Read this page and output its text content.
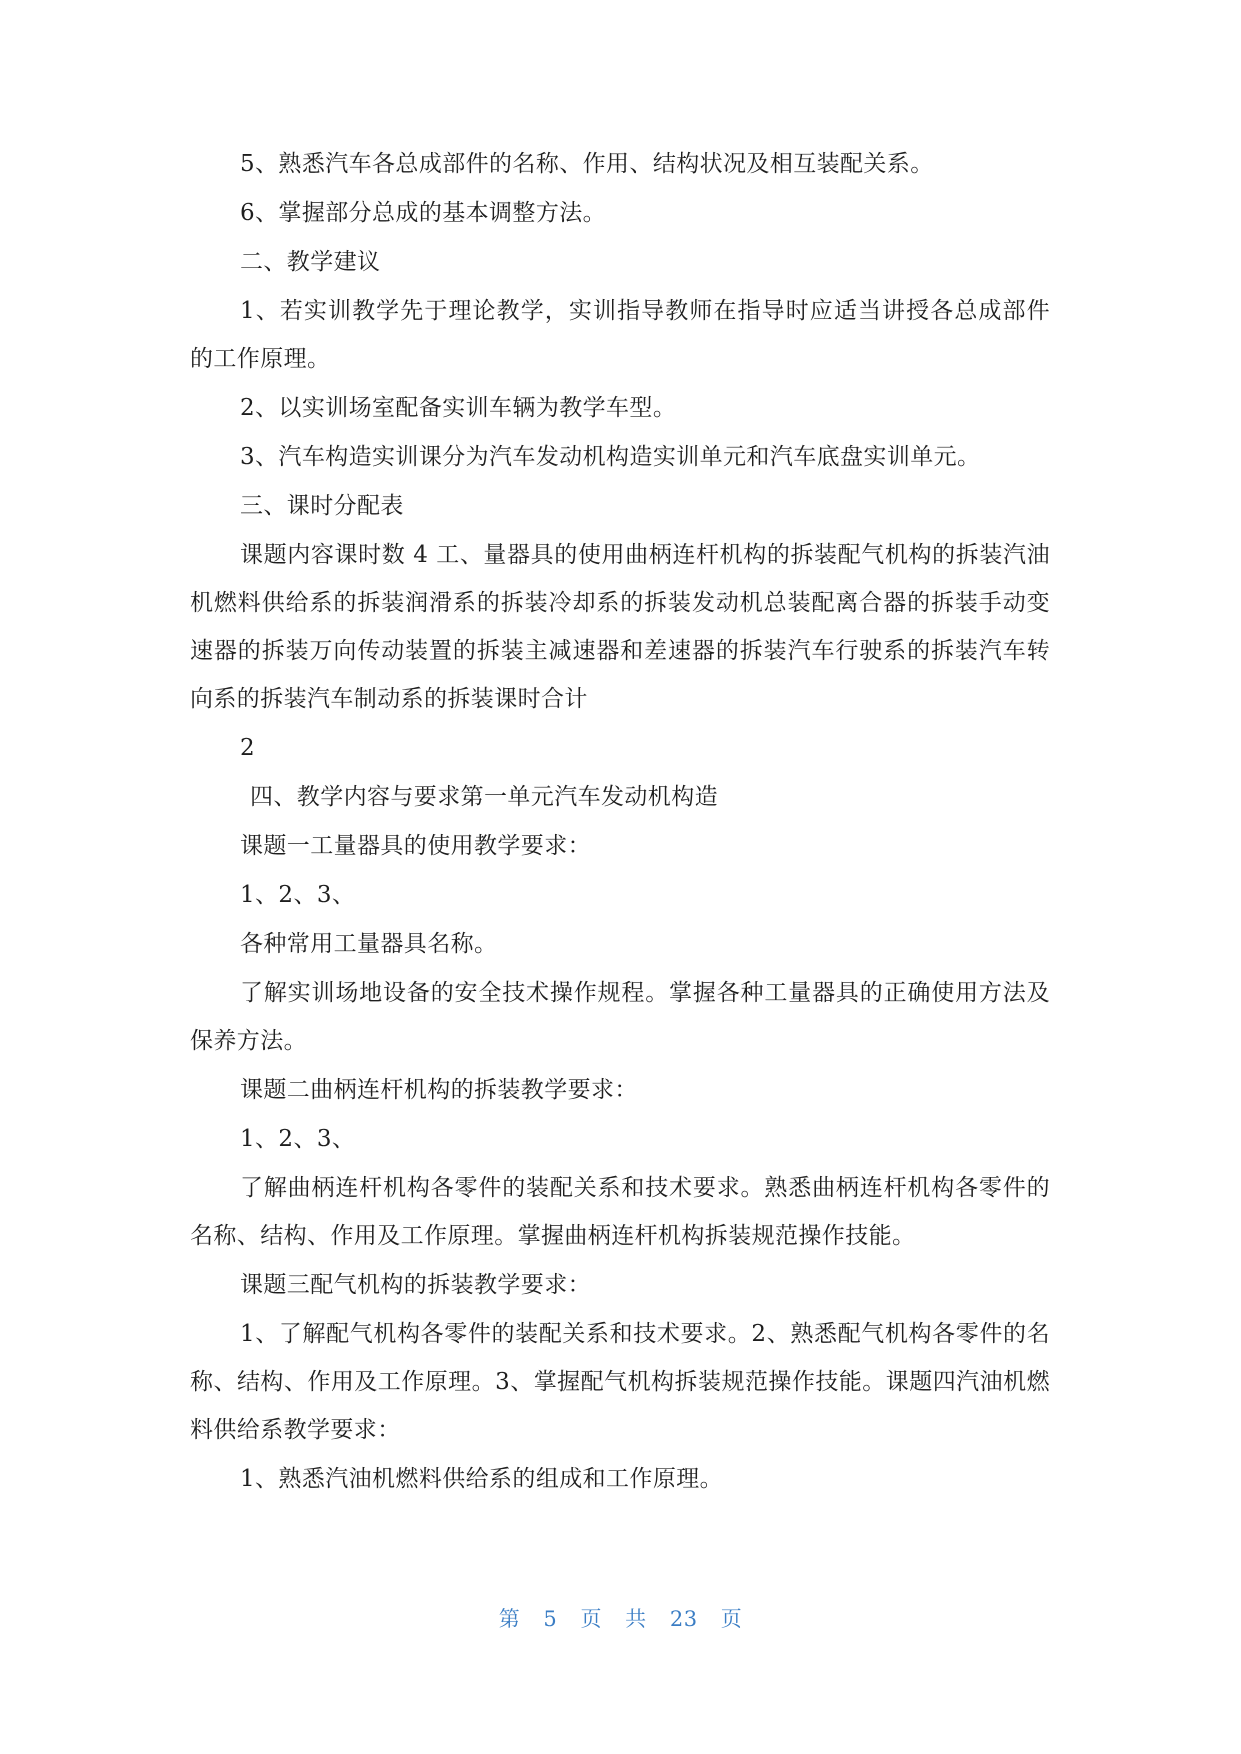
5、熟悉汽车各总成部件的名称、作用、结构状况及相互装配关系。

6、掌握部分总成的基本调整方法。

二、教学建议

1、若实训教学先于理论教学，实训指导教师在指导时应适当讲授各总成部件的工作原理。

2、以实训场室配备实训车辆为教学车型。

3、汽车构造实训课分为汽车发动机构造实训单元和汽车底盘实训单元。

三、课时分配表

课题内容课时数 4 工、量器具的使用曲柄连杆机构的拆装配气机构的拆装汽油机燃料供给系的拆装润滑系的拆装冷却系的拆装发动机总装配离合器的拆装手动变速器的拆装万向传动装置的拆装主减速器和差速器的拆装汽车行驶系的拆装汽车转向系的拆装汽车制动系的拆装课时合计

2

四、教学内容与要求第一单元汽车发动机构造

课题一工量器具的使用教学要求：

1、2、3、

各种常用工量器具名称。

了解实训场地设备的安全技术操作规程。掌握各种工量器具的正确使用方法及保养方法。

课题二曲柄连杆机构的拆装教学要求：

1、2、3、

了解曲柄连杆机构各零件的装配关系和技术要求。熟悉曲柄连杆机构各零件的名称、结构、作用及工作原理。掌握曲柄连杆机构拆装规范操作技能。

课题三配气机构的拆装教学要求：

1、了解配气机构各零件的装配关系和技术要求。2、熟悉配气机构各零件的名称、结构、作用及工作原理。3、掌握配气机构拆装规范操作技能。课题四汽油机燃料供给系教学要求：

1、熟悉汽油机燃料供给系的组成和工作原理。

第 5 页 共 23 页
